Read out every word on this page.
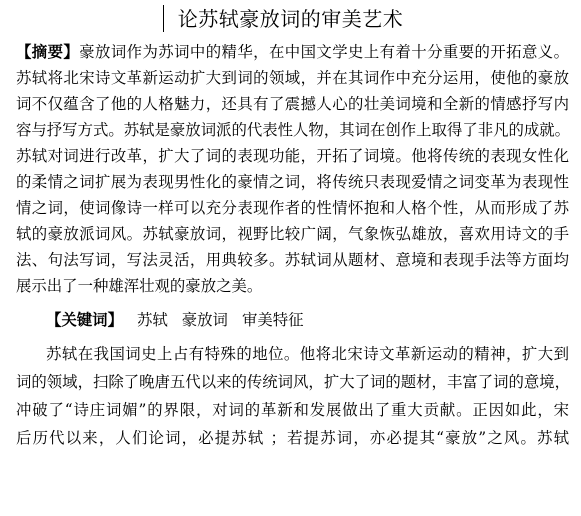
论苏轼豪放词的审美艺术
【摘要】豪放词作为苏词中的精华，在中国文学史上有着十分重要的开拓意义。
苏轼将北宋诗文革新运动扩大到词的领域，并在其词作中充分运用，使他的豪放
词不仅蕴含了他的人格魅力，还具有了震撼人心的壮美词境和全新的情感抒写内
容与抒写方式。苏轼是豪放词派的代表性人物，其词在创作上取得了非凡的成就。
苏轼对词进行改革，扩大了词的表现功能，开拓了词境。他将传统的表现女性化
的柔情之词扩展为表现男性化的豪情之词，将传统只表现爱情之词变革为表现性
情之词，使词像诗一样可以充分表现作者的性情怀抱和人格个性，从而形成了苏
轼的豪放派词风。苏轼豪放词，视野比较广阔，气象恢弘雄放，喜欢用诗文的手
法、句法写词，写法灵活，用典较多。苏轼词从题材、意境和表现手法等方面均
展示出了一种雄浑壮观的豪放之美。
【关键词】 苏轼 豪放词 审美特征
苏轼在我国词史上占有特殊的地位。他将北宋诗文革新运动的精神，扩大到
词的领域，扫除了晚唐五代以来的传统词风，扩大了词的题材，丰富了词的意境，
冲破了“诗庄词媚”的界限，对词的革新和发展做出了重大贡献。正因如此，宋
后历代以来，人们论词，必提苏轼 ；若提苏词，亦必提其“豪放”之风。苏轼
